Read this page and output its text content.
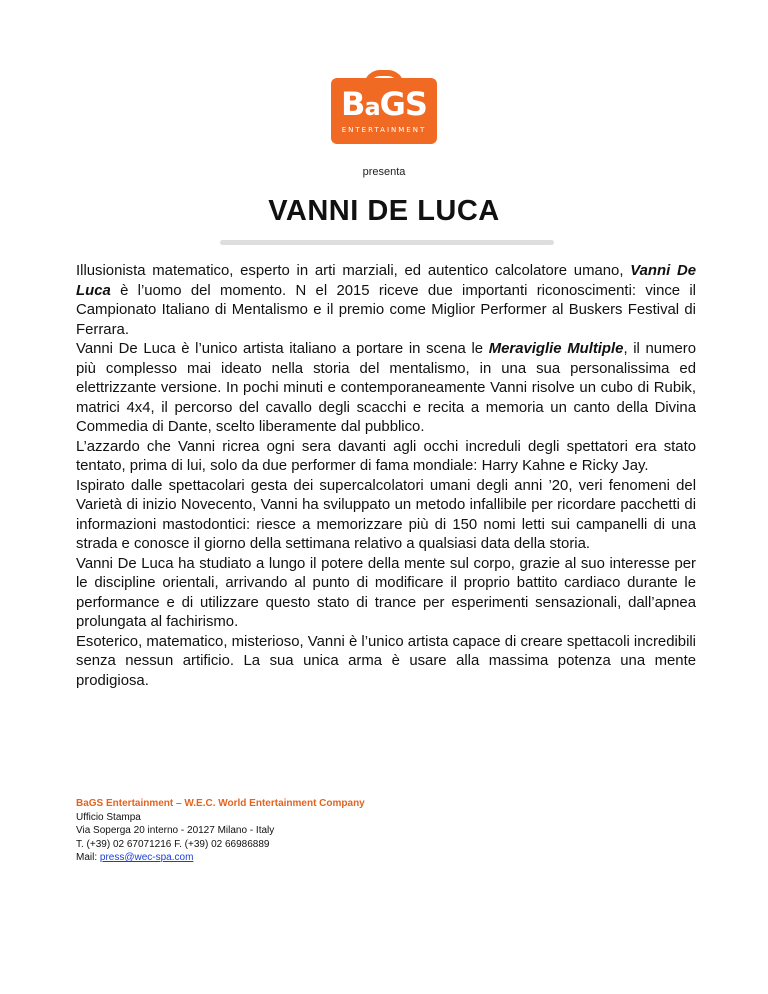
BaGS
ENTERTAINMENT
presenta
VANNI DE LUCA

Illusionista matematico, esperto in arti marziali, ed autentico calcolatore umano, Vanni De Luca è l’uomo del momento. N el 2015 riceve due importanti riconoscimenti: vince il Campionato Italiano di Mentalismo e il premio come Miglior Performer al Buskers Festival di Ferrara.

Vanni De Luca è l’unico artista italiano a portare in scena le Meraviglie Multiple, il numero più complesso mai ideato nella storia del mentalismo, in una sua personalissima ed elettrizzante versione. In pochi minuti e contemporaneamente Vanni risolve un cubo di Rubik, matrici 4x4, il percorso del cavallo degli scacchi e recita a memoria un canto della Divina Commedia di Dante, scelto liberamente dal pubblico.

L’azzardo che Vanni ricrea ogni sera davanti agli occhi increduli degli spettatori era stato tentato, prima di lui, solo da due performer di fama mondiale: Harry Kahne e Ricky Jay.

Ispirato dalle spettacolari gesta dei supercalcolatori umani degli anni ’20, veri fenomeni del Varietà di inizio Novecento, Vanni ha sviluppato un metodo infallibile per ricordare pacchetti di informazioni mastodontici: riesce a memorizzare più di 150 nomi letti sui campanelli di una strada e conosce il giorno della settimana relativo a qualsiasi data della storia.

Vanni De Luca ha studiato a lungo il potere della mente sul corpo, grazie al suo interesse per le discipline orientali, arrivando al punto di modificare il proprio battito cardiaco durante le performance e di utilizzare questo stato di trance per esperimenti sensazionali, dall’apnea prolungata al fachirismo.

Esoterico, matematico, misterioso, Vanni è l’unico artista capace di creare spettacoli incredibili senza nessun artificio. La sua unica arma è usare alla massima potenza una mente prodigiosa.

BaGS Entertainment – W.E.C. World Entertainment Company
Ufficio Stampa
Via Soperga 20 interno - 20127 Milano - Italy
T. (+39) 02 67071216 F. (+39) 02 66986889
Mail: press@wec-spa.com
